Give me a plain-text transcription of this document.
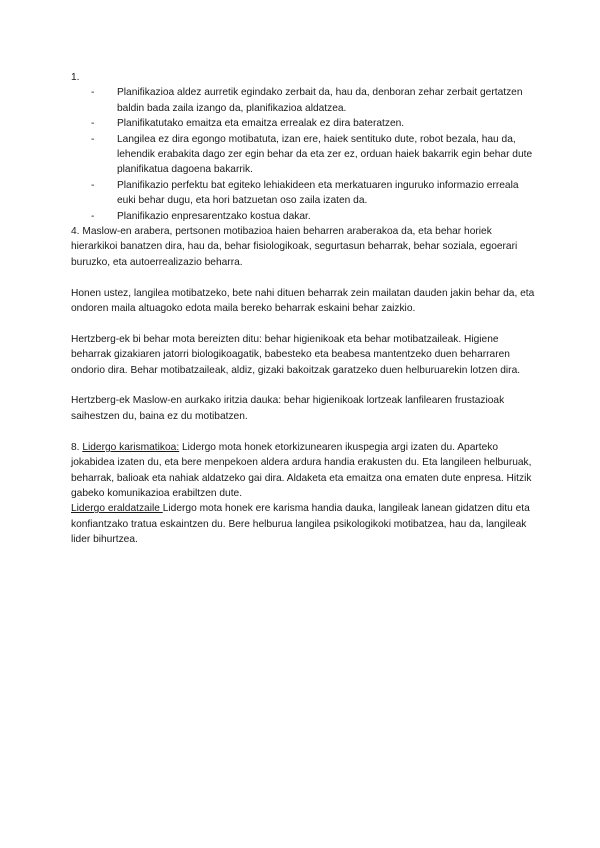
1.

- Planifikazioa aldez aurretik egindako zerbait da, hau da, denboran zehar zerbait gertatzen baldin bada zaila izango da, planifikazioa aldatzea.
- Planifikatutako emaitza eta emaitza errealak ez dira bateratzen.
- Langilea ez dira egongo motibatuta, izan ere, haiek sentituko dute, robot bezala, hau da, lehendik erabakita dago zer egin behar da eta zer ez, orduan haiek bakarrik egin behar dute planifikatua dagoena bakarrik.
- Planifikazio perfektu bat egiteko lehiakideen eta merkatuaren inguruko informazio erreala euki behar dugu, eta hori batzuetan oso zaila izaten da.
- Planifikazio enpresarentzako kostua dakar.

4. Maslow-en arabera, pertsonen motibazioa haien beharren araberakoa da, eta behar horiek hierarkikoi banatzen dira, hau da, behar fisiologikoak, segurtasun beharrak, behar soziala, egoerari buruzko, eta autoerrealizazio beharra.

Honen ustez, langilea motibatzeko, bete nahi dituen beharrak zein mailatan dauden jakin behar da, eta ondoren maila altuagoko edota maila bereko beharrak eskaini behar zaizkio.

Hertzberg-ek bi behar mota bereizten ditu: behar higienikoak eta behar motibatzaileak. Higiene beharrak gizakiaren jatorri biologikoagatik, babesteko eta beabesa mantentzeko duen beharraren ondorio dira. Behar motibatzaileak, aldiz, gizaki bakoitzak garatzeko duen helburuarekin lotzen dira.

Hertzberg-ek Maslow-en aurkako iritzia dauka: behar higienikoak lortzeak lanfilearen frustazioak saihestzen du, baina ez du motibatzen.

8. Lidergo karismatikoa: Lidergo mota honek etorkizunearen ikuspegia argi izaten du. Aparteko jokabidea izaten du, eta bere menpekoen aldera ardura handia erakusten du. Eta langileen helburuak, beharrak, balioak eta nahiak aldatzeko gai dira. Aldaketa eta emaitza ona ematen dute enpresa. Hitzik gabeko komunikazioa erabiltzen dute.

Lidergo eraldatzaile Lidergo mota honek ere karisma handia dauka, langileak lanean gidatzen ditu eta konfiantzako tratua eskaintzen du. Bere helburua langilea psikologikoki motibatzea, hau da, langileak lider bihurtzea.
